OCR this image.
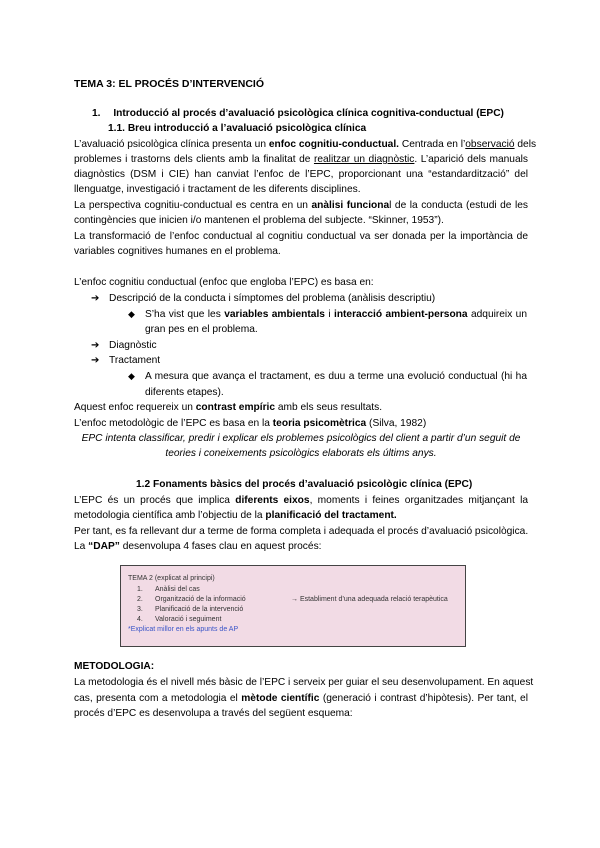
TEMA 3: EL PROCÉS D’INTERVENCIÓ
1. Introducció al procés d’avaluació psicològica clínica cognitiva-conductual (EPC)
1.1. Breu introducció a l’avaluació psicològica clínica
L’avaluació psicològica clínica presenta un enfoc cognitiu-conductual. Centrada en l’observació dels
problemes i trastorns dels clients amb la finalitat de realitzar un diagnòstic. L’aparició dels manuals
diagnòstics (DSM i CIE) han canviat l’enfoc de l’EPC, proporcionant una “estandardització” del
llenguatge, investigació i tractament de les diferents disciplines.
La perspectiva cognitiu-conductual es centra en un anàlisi funcional de la conducta (estudi de les
contingències que inicien i/o mantenen el problema del subjecte. “Skinner, 1953”).
La transformació de l’enfoc conductual al cognitiu conductual va ser donada per la importància de
variables cognitives humanes en el problema.
L’enfoc cognitiu conductual (enfoc que engloba l’EPC) es basa en:
➔ Descripció de la conducta i símptomes del problema (anàlisis descriptiu)
◆ S’ha vist que les variables ambientals i interacció ambient-persona adquireix un
gran pes en el problema.
➔ Diagnòstic
➔ Tractament
◆ A mesura que avança el tractament, es duu a terme una evolució conductual (hi ha
diferents etapes).
Aquest enfoc requereix un contrast empíric amb els seus resultats.
L’enfoc metodològic de l’EPC es basa en la teoria psicomètrica (Silva, 1982)
EPC intenta classificar, predir i explicar els problemes psicològics del client a partir d’un seguit de
teories i coneixements psicològics elaborats els últims anys.
1.2 Fonaments bàsics del procés d’avaluació psicològic clínica (EPC)
L’EPC és un procés que implica diferents eixos, moments i feines organitzades mitjançant la
metodologia científica amb l’objectiu de la planificació del tractament.
Per tant, es fa rellevant dur a terme de forma completa i adequada el procés d’avaluació psicològica.
La “DAP” desenvolupa 4 fases clau en aquest procés:
TEMA 2 (explicat al principi)
1. Anàlisi del cas
2. Organització de la informació	→ Establiment d’una adequada relació terapèutica
3. Planificació de la intervenció
4. Valoració i seguiment
*Explicat millor en els apunts de AP
METODOLOGIA:
La metodologia és el nivell més bàsic de l’EPC i serveix per guiar el seu desenvolupament. En aquest
cas, presenta com a metodologia el mètode científic (generació i contrast d’hipòtesis). Per tant, el
procés d’EPC es desenvolupa a través del següent esquema:
